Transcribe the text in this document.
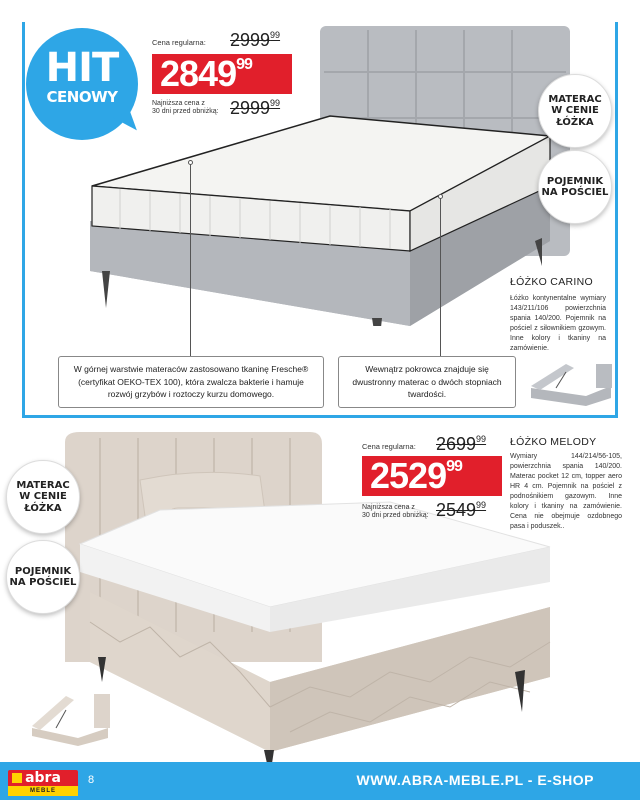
HIT
CENOWY
Cena regularna: 2999$^{99}$
2849$^{99}$
Najniższa cena z
30 dni przed obniżką: 2999$^{99}$	MATERAC
W CENIE
ŁÓŻKA
POJEMNIK
NA POŚCIEL
ŁÓŻKO CARINO
Łóżko kontynentalne wymiary 143/211/106 powierzchnia spania 140/200. Pojemnik na pościel z siłownikiem gzowym. Inne kolory i tkaniny na zamówienie.
W górnej warstwie materaców zastosowano tkaninę Fresche® (certyfikat OEKO-TEX 100), która zwalcza bakterie i hamuje rozwój grzybów i roztoczy kurzu domowego.
Wewnątrz pokrowca znajduje się dwustronny materac o dwóch stopniach twardości.
Cena regularna: 2699$^{99}$
2529$^{99}$
Najniższa cena z
30 dni przed obniżką: 2549$^{99}$
ŁÓŻKO MELODY
Wymiary 144/214/56-105, powierzchnia spania 140/200. Materac pocket 12 cm, topper aero HR 4 cm. Pojemnik na pościel z podnośnikiem gazowym. Inne kolory i tkaniny na zamówienie. Cena nie obejmuje ozdobnego pasa i poduszek..
MATERAC
W CENIE
ŁÓŻKA
POJEMNIK
NA POŚCIEL
abra
MEBLE
8	WWW.ABRA-MEBLE.PL - E-SHOP
